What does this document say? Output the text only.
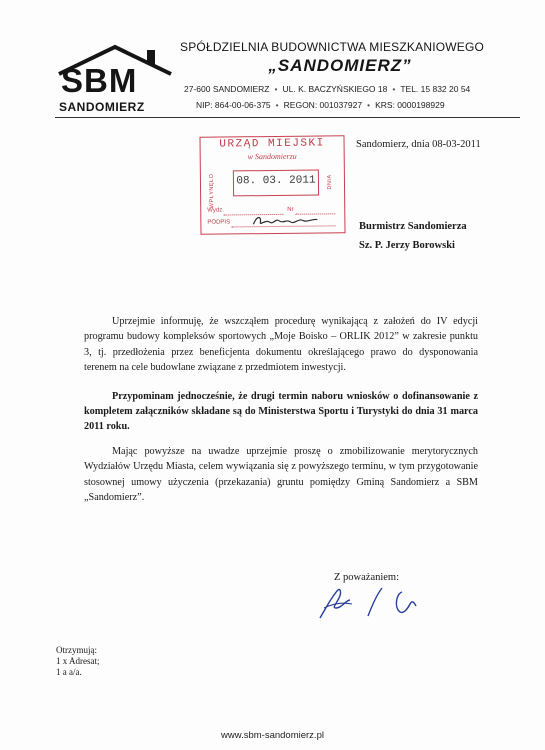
SBM
SANDOMIERZ
SPÓŁDZIELNIA BUDOWNICTWA MIESZKANIOWEGO
„SANDOMIERZ”
27-600 SANDOMIERZ • UL. K. BACZYŃSKIEGO 18 • TEL. 15 832 20 54
NIP: 864-00-06-375 • REGON: 001037927 • KRS: 0000198929
URZĄD MIEJSKI
w Sandomierzu
WPŁYNĘŁO 08. 03. 2011	DNIA
Wydz.	Nr
PODPIS
Sandomierz, dnia 08-03-2011
Burmistrz Sandomierza
Sz. P. Jerzy Borowski

Uprzejmie informuję, że wszcząłem procedurę wynikającą z założeń do IV edycji programu budowy kompleksów sportowych „Moje Boisko – ORLIK 2012” w zakresie punktu 3, tj. przedłożenia przez beneficjenta dokumentu określającego prawo do dysponowania terenem na cele budowlane związane z przedmiotem inwestycji.

Przypominam jednocześnie, że drugi termin naboru wniosków o dofinansowanie z kompletem załączników składane są do Ministerstwa Sportu i Turystyki do dnia 31 marca 2011 roku.

Mając powyższe na uwadze uprzejmie proszę o zmobilizowanie merytorycznych Wydziałów Urzędu Miasta, celem wywiązania się z powyższego terminu, w tym przygotowanie stosownej umowy użyczenia (przekazania) gruntu pomiędzy Gminą Sandomierz a SBM „Sandomierz”.

Z poważaniem:
Otrzymują:
1 x Adresat;
1 a a/a.
www.sbm-sandomierz.pl
